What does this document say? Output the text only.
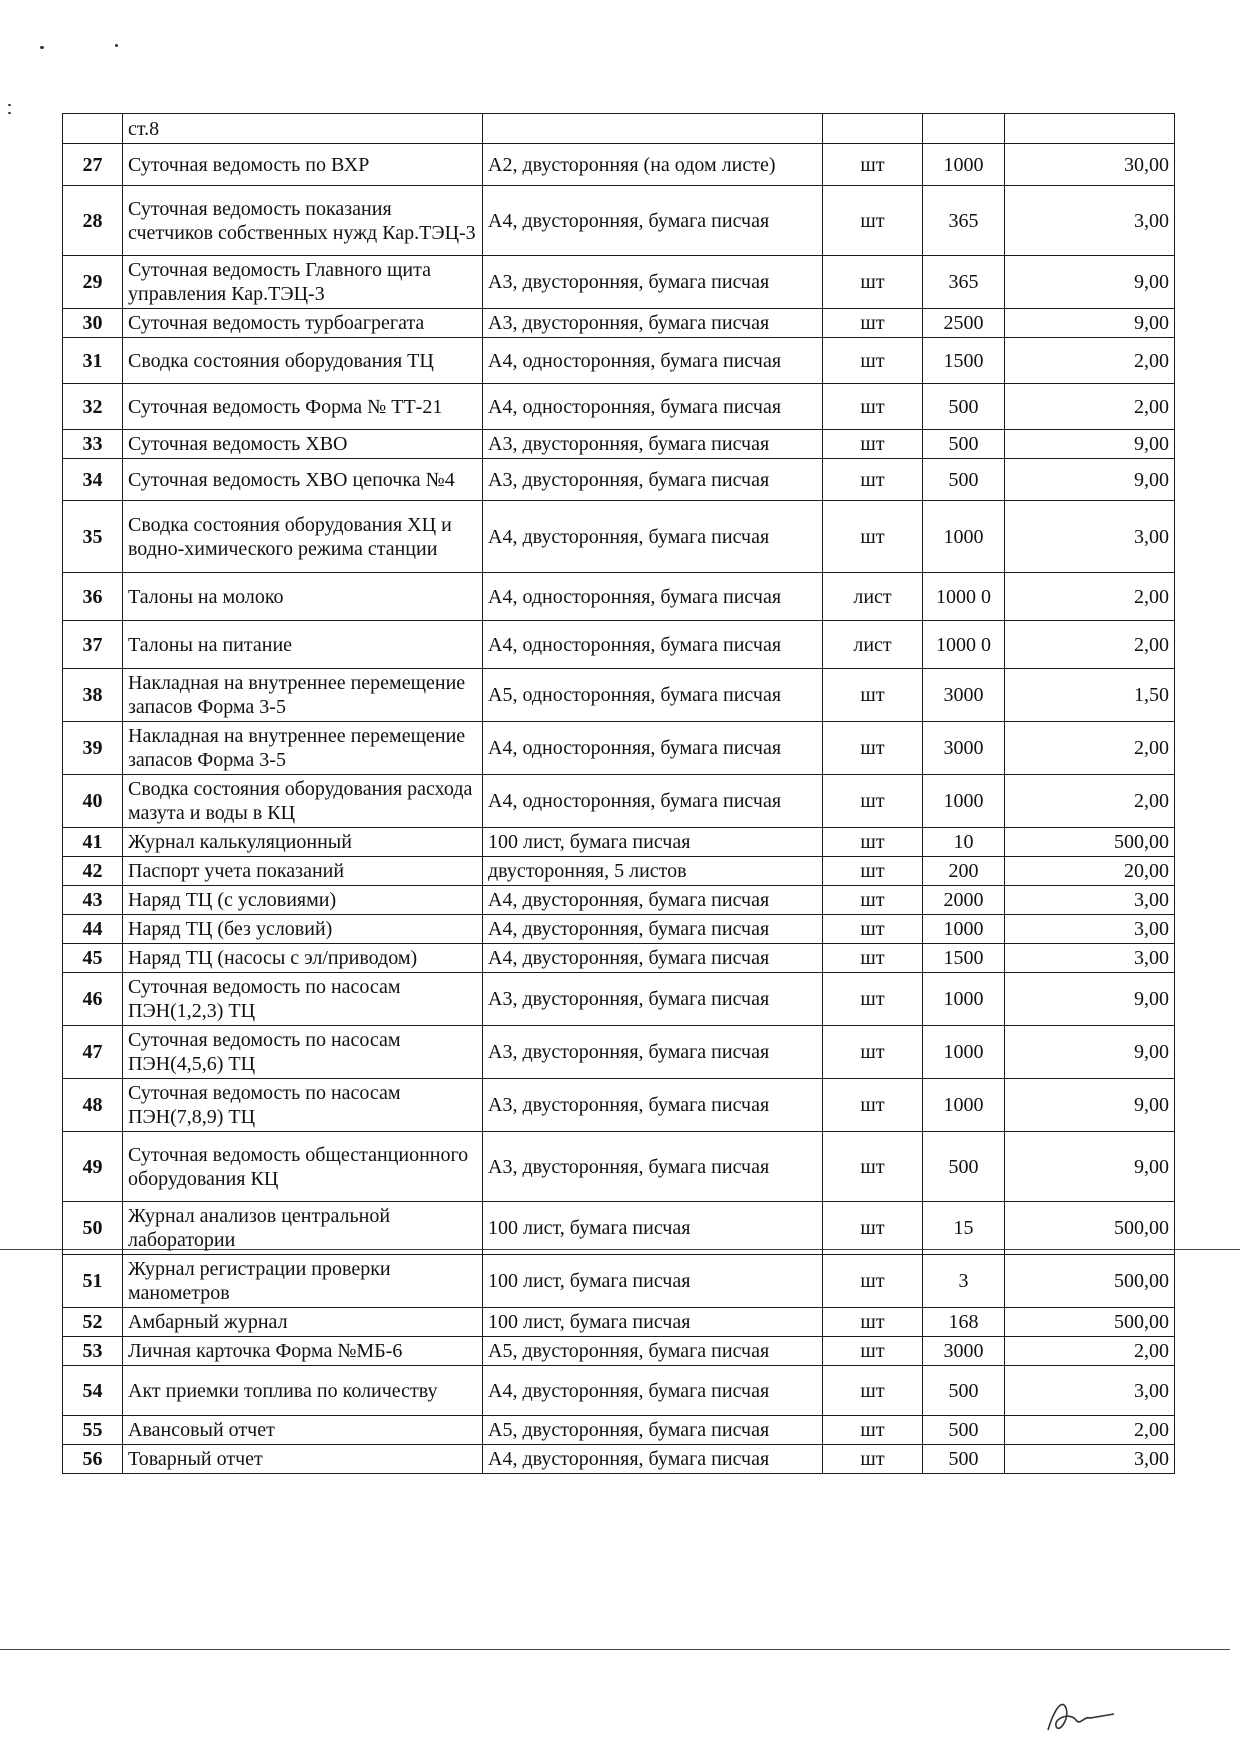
	ст.8				
27	Суточная ведомость по ВХР	А2, двусторонняя (на одом листе)	шт	1000	30,00
28	Суточная ведомость показания счетчиков собственных нужд Кар.ТЭЦ-3	А4, двусторонняя, бумага писчая	шт	365	3,00
29	Суточная ведомость Главного щита управления Кар.ТЭЦ-3	А3, двусторонняя, бумага писчая	шт	365	9,00
30	Суточная ведомость турбоагрегата	А3, двусторонняя, бумага писчая	шт	2500	9,00
31	Сводка состояния оборудования ТЦ	А4, односторонняя, бумага писчая	шт	1500	2,00
32	Суточная ведомость Форма № ТТ-21	А4, односторонняя, бумага писчая	шт	500	2,00
33	Суточная ведомость ХВО	А3, двусторонняя, бумага писчая	шт	500	9,00
34	Суточная ведомость ХВО цепочка №4	А3, двусторонняя, бумага писчая	шт	500	9,00
35	Сводка состояния оборудования ХЦ и водно-химического режима станции	А4, двусторонняя, бумага писчая	шт	1000	3,00
36	Талоны на молоко	А4, односторонняя, бумага писчая	лист	1000 0	2,00
37	Талоны на питание	А4, односторонняя, бумага писчая	лист	1000 0	2,00
38	Накладная на внутреннее перемещение запасов Форма 3-5	А5, односторонняя, бумага писчая	шт	3000	1,50
39	Накладная на внутреннее перемещение запасов Форма 3-5	А4, односторонняя, бумага писчая	шт	3000	2,00
40	Сводка состояния оборудования расхода мазута и воды в КЦ	А4, односторонняя, бумага писчая	шт	1000	2,00
41	Журнал калькуляционный	100 лист, бумага писчая	шт	10	500,00
42	Паспорт учета показаний	двусторонняя, 5 листов	шт	200	20,00
43	Наряд ТЦ (с условиями)	А4, двусторонняя, бумага писчая	шт	2000	3,00
44	Наряд ТЦ (без условий)	А4, двусторонняя, бумага писчая	шт	1000	3,00
45	Наряд ТЦ (насосы с эл/приводом)	А4, двусторонняя, бумага писчая	шт	1500	3,00
46	Суточная ведомость по насосам ПЭН(1,2,3) ТЦ	А3, двусторонняя, бумага писчая	шт	1000	9,00
47	Суточная ведомость по насосам ПЭН(4,5,6) ТЦ	А3, двусторонняя, бумага писчая	шт	1000	9,00
48	Суточная ведомость по насосам ПЭН(7,8,9) ТЦ	А3, двусторонняя, бумага писчая	шт	1000	9,00
49	Суточная ведомость общестанционного оборудования КЦ	А3, двусторонняя, бумага писчая	шт	500	9,00
50	Журнал анализов центральной лаборатории	100 лист, бумага писчая	шт	15	500,00
51	Журнал регистрации проверки манометров	100 лист, бумага писчая	шт	3	500,00
52	Амбарный журнал	100 лист, бумага писчая	шт	168	500,00
53	Личная карточка Форма №МБ-6	А5, двусторонняя, бумага писчая	шт	3000	2,00
54	Акт приемки топлива по количеству	А4, двусторонняя, бумага писчая	шт	500	3,00
55	Авансовый отчет	А5, двусторонняя, бумага писчая	шт	500	2,00
56	Товарный отчет	А4, двусторонняя, бумага писчая	шт	500	3,00
